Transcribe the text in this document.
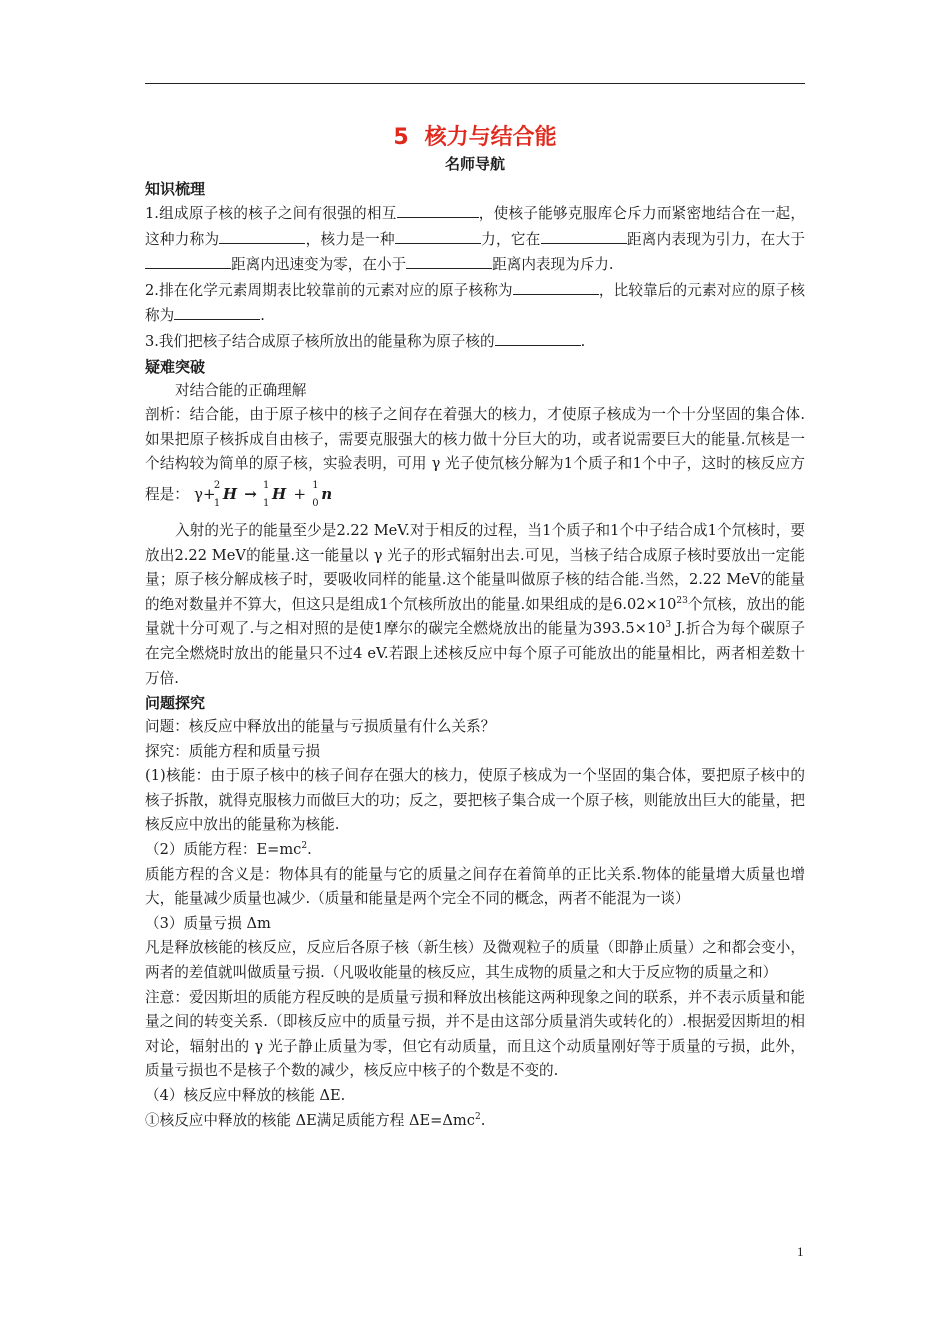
5 核力与结合能
名师导航
知识梳理

1.组成原子核的核子之间有很强的相互	，使核子能够克服库仑斥力而紧密地结合在一起，这种力称为	，核力是一种	力，它在	距离内表现为引力，在大于距离内迅速变为零，在小于	距离内表现为斥力.

2.排在化学元素周期表比较靠前的元素对应的原子核称为	，比较靠后的元素对应的原子核称为	.

3.我们把核子结合成原子核所放出的能量称为原子核的	.

疑难突破

对结合能的正确理解

剖析：结合能，由于原子核中的核子之间存在着强大的核力，才使原子核成为一个十分坚固的集合体.如果把原子核拆成自由核子，需要克服强大的核力做十分巨大的功，或者说需要巨大的能量.氘核是一个结构较为简单的原子核，实验表明，可用 γ 光子使氘核分解为1个质子和1个中子，这时的核反应方程是： γ+
2
1
H → 1
1
H + 1
0
n

入射的光子的能量至少是2.22 MeV.对于相反的过程，当1个质子和1个中子结合成1个氘核时，要放出2.22 MeV的能量.这一能量以 γ 光子的形式辐射出去.可见，当核子结合成原子核时要放出一定能量；原子核分解成核子时，要吸收同样的能量.这个能量叫做原子核的结合能.当然，2.22 MeV的能量的绝对数量并不算大，但这只是组成1个氘核所放出的能量.如果组成的是$6.02\times 10^{23}$个氘核，放出的能量就十分可观了.与之相对照的是使1摩尔的碳完全燃烧放出的能量为$393.5\times 10^3$ J.折合为每个碳原子在完全燃烧时放出的能量只不过4 eV.若跟上述核反应中每个原子可能放出的能量相比，两者相差数十万倍.

问题探究

问题：核反应中释放出的能量与亏损质量有什么关系？

探究：质能方程和质量亏损

(1)核能：由于原子核中的核子间存在强大的核力，使原子核成为一个坚固的集合体，要把原子核中的核子拆散，就得克服核力而做巨大的功；反之，要把核子集合成一个原子核，则能放出巨大的能量，把核反应中放出的能量称为核能.

（2）质能方程：$E=mc^2$.

质能方程的含义是：物体具有的能量与它的质量之间存在着简单的正比关系.物体的能量增大质量也增大，能量减少质量也减少.（质量和能量是两个完全不同的概念，两者不能混为一谈）

（3）质量亏损 Δm

凡是释放核能的核反应，反应后各原子核（新生核）及微观粒子的质量（即静止质量）之和都会变小，两者的差值就叫做质量亏损.（凡吸收能量的核反应，其生成物的质量之和大于反应物的质量之和）

注意：爱因斯坦的质能方程反映的是质量亏损和释放出核能这两种现象之间的联系，并不表示质量和能量之间的转变关系.（即核反应中的质量亏损，并不是由这部分质量消失或转化的）.根据爱因斯坦的相对论，辐射出的 γ 光子静止质量为零，但它有动质量，而且这个动质量刚好等于质量的亏损，此外，质量亏损也不是核子个数的减少，核反应中核子的个数是不变的.

（4）核反应中释放的核能 ΔE.

①核反应中释放的核能 ΔE满足质能方程 ΔE=Δmc$^2$.

1
